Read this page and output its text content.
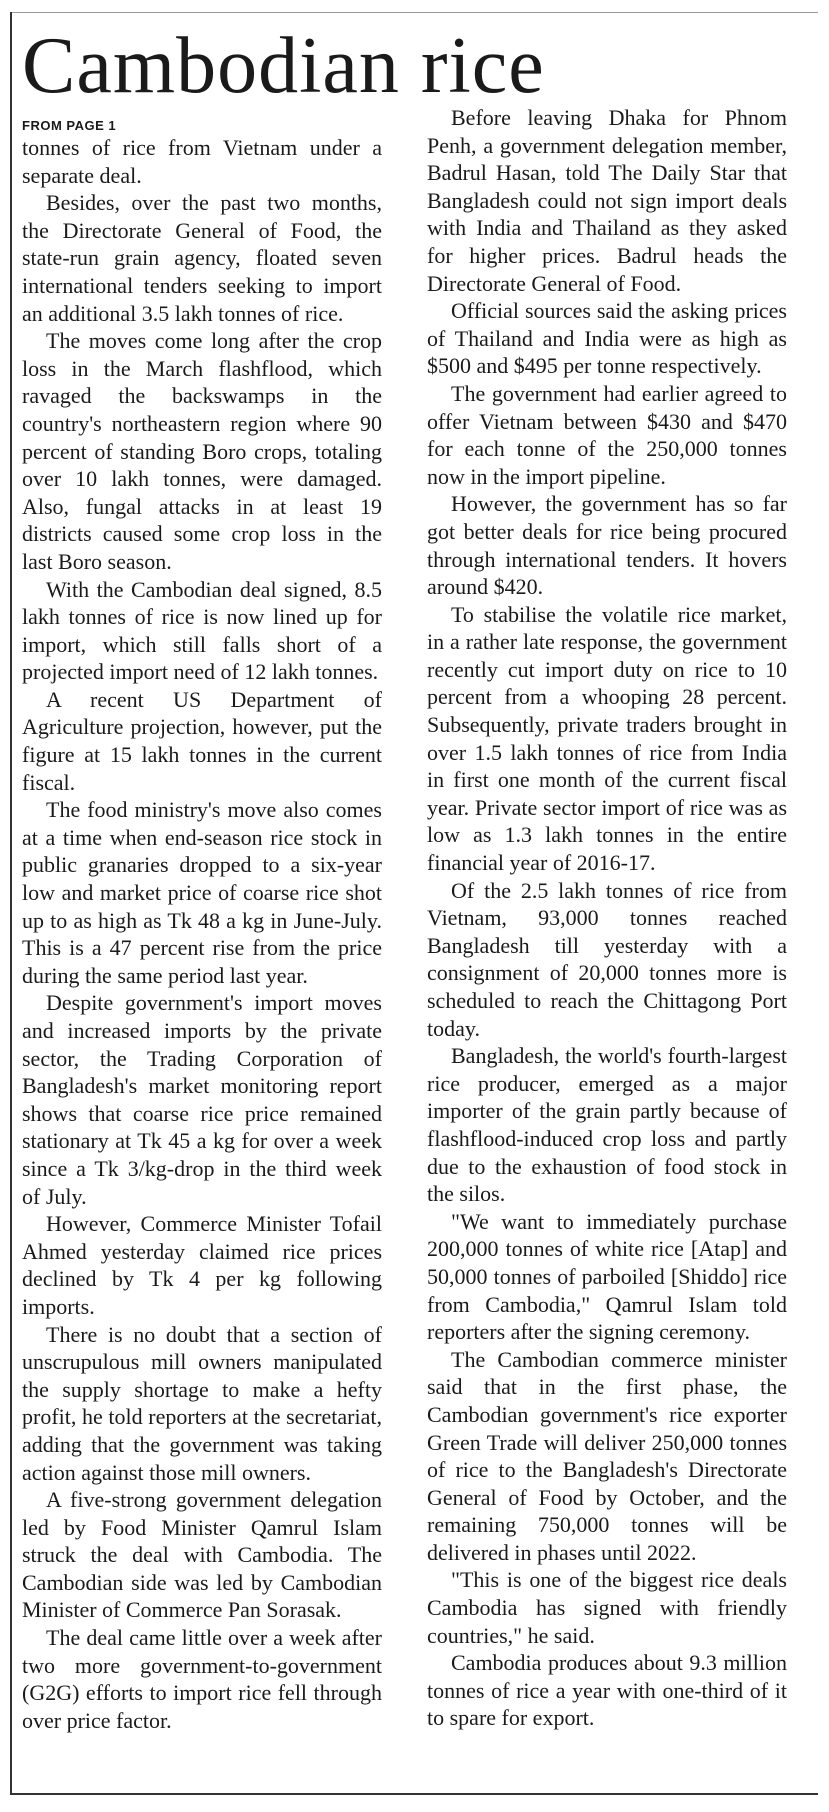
Cambodian rice
FROM PAGE 1

tonnes of rice from Vietnam under a separate deal.

Besides, over the past two months, the Directorate General of Food, the state-run grain agency, floated seven international tenders seeking to import an additional 3.5 lakh tonnes of rice.

The moves come long after the crop loss in the March flashflood, which ravaged the backswamps in the country's northeastern region where 90 percent of standing Boro crops, totaling over 10 lakh tonnes, were damaged. Also, fungal attacks in at least 19 districts caused some crop loss in the last Boro season.

With the Cambodian deal signed, 8.5 lakh tonnes of rice is now lined up for import, which still falls short of a projected import need of 12 lakh tonnes.

A recent US Department of Agriculture projection, however, put the figure at 15 lakh tonnes in the current fiscal.

The food ministry's move also comes at a time when end-season rice stock in public granaries dropped to a six-year low and market price of coarse rice shot up to as high as Tk 48 a kg in June-July. This is a 47 percent rise from the price during the same period last year.

Despite government's import moves and increased imports by the private sector, the Trading Corporation of Bangladesh's market monitoring report shows that coarse rice price remained stationary at Tk 45 a kg for over a week since a Tk 3/kg-drop in the third week of July.

However, Commerce Minister Tofail Ahmed yesterday claimed rice prices declined by Tk 4 per kg following imports.

There is no doubt that a section of unscrupulous mill owners manipulated the supply shortage to make a hefty profit, he told reporters at the secretariat, adding that the government was taking action against those mill owners.

A five-strong government delegation led by Food Minister Qamrul Islam struck the deal with Cambodia. The Cambodian side was led by Cambodian Minister of Commerce Pan Sorasak.

The deal came little over a week after two more government-to-government (G2G) efforts to import rice fell through over price factor.

Before leaving Dhaka for Phnom Penh, a government delegation member, Badrul Hasan, told The Daily Star that Bangladesh could not sign import deals with India and Thailand as they asked for higher prices. Badrul heads the Directorate General of Food.

Official sources said the asking prices of Thailand and India were as high as $500 and $495 per tonne respectively.

The government had earlier agreed to offer Vietnam between $430 and $470 for each tonne of the 250,000 tonnes now in the import pipeline.

However, the government has so far got better deals for rice being procured through international tenders. It hovers around $420.

To stabilise the volatile rice market, in a rather late response, the government recently cut import duty on rice to 10 percent from a whooping 28 percent. Subsequently, private traders brought in over 1.5 lakh tonnes of rice from India in first one month of the current fiscal year. Private sector import of rice was as low as 1.3 lakh tonnes in the entire financial year of 2016-17.

Of the 2.5 lakh tonnes of rice from Vietnam, 93,000 tonnes reached Bangladesh till yesterday with a consignment of 20,000 tonnes more is scheduled to reach the Chittagong Port today.

Bangladesh, the world's fourth-largest rice producer, emerged as a major importer of the grain partly because of flashflood-induced crop loss and partly due to the exhaustion of food stock in the silos.

"We want to immediately purchase 200,000 tonnes of white rice [Atap] and 50,000 tonnes of parboiled [Shiddo] rice from Cambodia," Qamrul Islam told reporters after the signing ceremony.

The Cambodian commerce minister said that in the first phase, the Cambodian government's rice exporter Green Trade will deliver 250,000 tonnes of rice to the Bangladesh's Directorate General of Food by October, and the remaining 750,000 tonnes will be delivered in phases until 2022.

"This is one of the biggest rice deals Cambodia has signed with friendly countries," he said.

Cambodia produces about 9.3 million tonnes of rice a year with one-third of it to spare for export.
